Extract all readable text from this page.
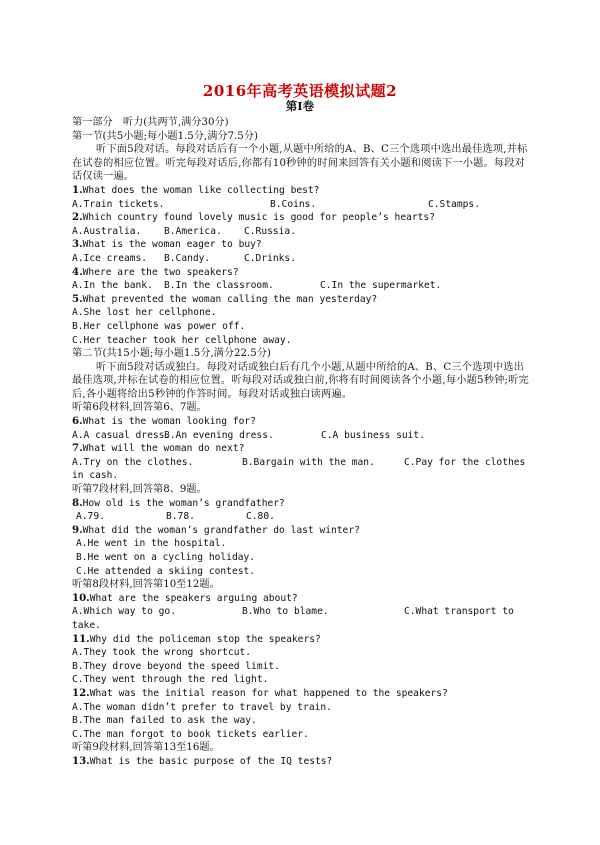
2016年高考英语模拟试题2
第Ⅰ卷
第一部分　听力(共两节,满分30分)
第一节(共5小题;每小题1.5分,满分7.5分)
听下面5段对话。每段对话后有一个小题,从题中所给的A、B、C三个选项中选出最佳选项,并标在试卷的相应位置。听完每段对话后,你都有10秒钟的时间来回答有关小题和阅读下一小题。每段对话仅读一遍。
1.What does the woman like collecting best?
A.Train tickets.	B.Coins.	C.Stamps.
2.Which country found lovely music is good for people’s hearts?
A.Australia. B.America. C.Russia.
3.What is the woman eager to buy?
A.Ice creams. B.Candy.	C.Drinks.
4.Where are the two speakers?
A.In the bank. B.In the classroom.	C.In the supermarket.
5.What prevented the woman calling the man yesterday?
A.She lost her cellphone.
B.Her cellphone was power off.
C.Her teacher took her cellphone away.
第二节(共15小题;每小题1.5分,满分22.5分)
听下面5段对话或独白。每段对话或独白后有几个小题,从题中所给的A、B、C三个选项中选出最佳选项,并标在试卷的相应位置。听每段对话或独白前,你将有时间阅读各个小题,每小题5秒钟;听完后,各小题将给出5秒钟的作答时间。每段对话或独白读两遍。
听第6段材料,回答第6、7题。
6.What is the woman looking for?
A.A casual dress.B.An evening dress.	C.A business suit.
7.What will the woman do next?
A.Try on the clothes.	B.Bargain with the man.	C.Pay for the clothes
in cash.
听第7段材料,回答第8、9题。
8.How old is the woman’s grandfather?
A.79.	B.78.	C.80.
9.What did the woman’s grandfather do last winter?
A.He went in the hospital.
B.He went on a cycling holiday.
C.He attended a skiing contest.
听第8段材料,回答第10至12题。
10.What are the speakers arguing about?
A.Which way to go.	B.Who to blame.	C.What transport to
take.
11.Why did the policeman stop the speakers?
A.They took the wrong shortcut.
B.They drove beyond the speed limit.
C.They went through the red light.
12.What was the initial reason for what happened to the speakers?
A.The woman didn’t prefer to travel by train.
B.The man failed to ask the way.
C.The man forgot to book tickets earlier.
听第9段材料,回答第13至16题。
13.What is the basic purpose of the IQ tests?
